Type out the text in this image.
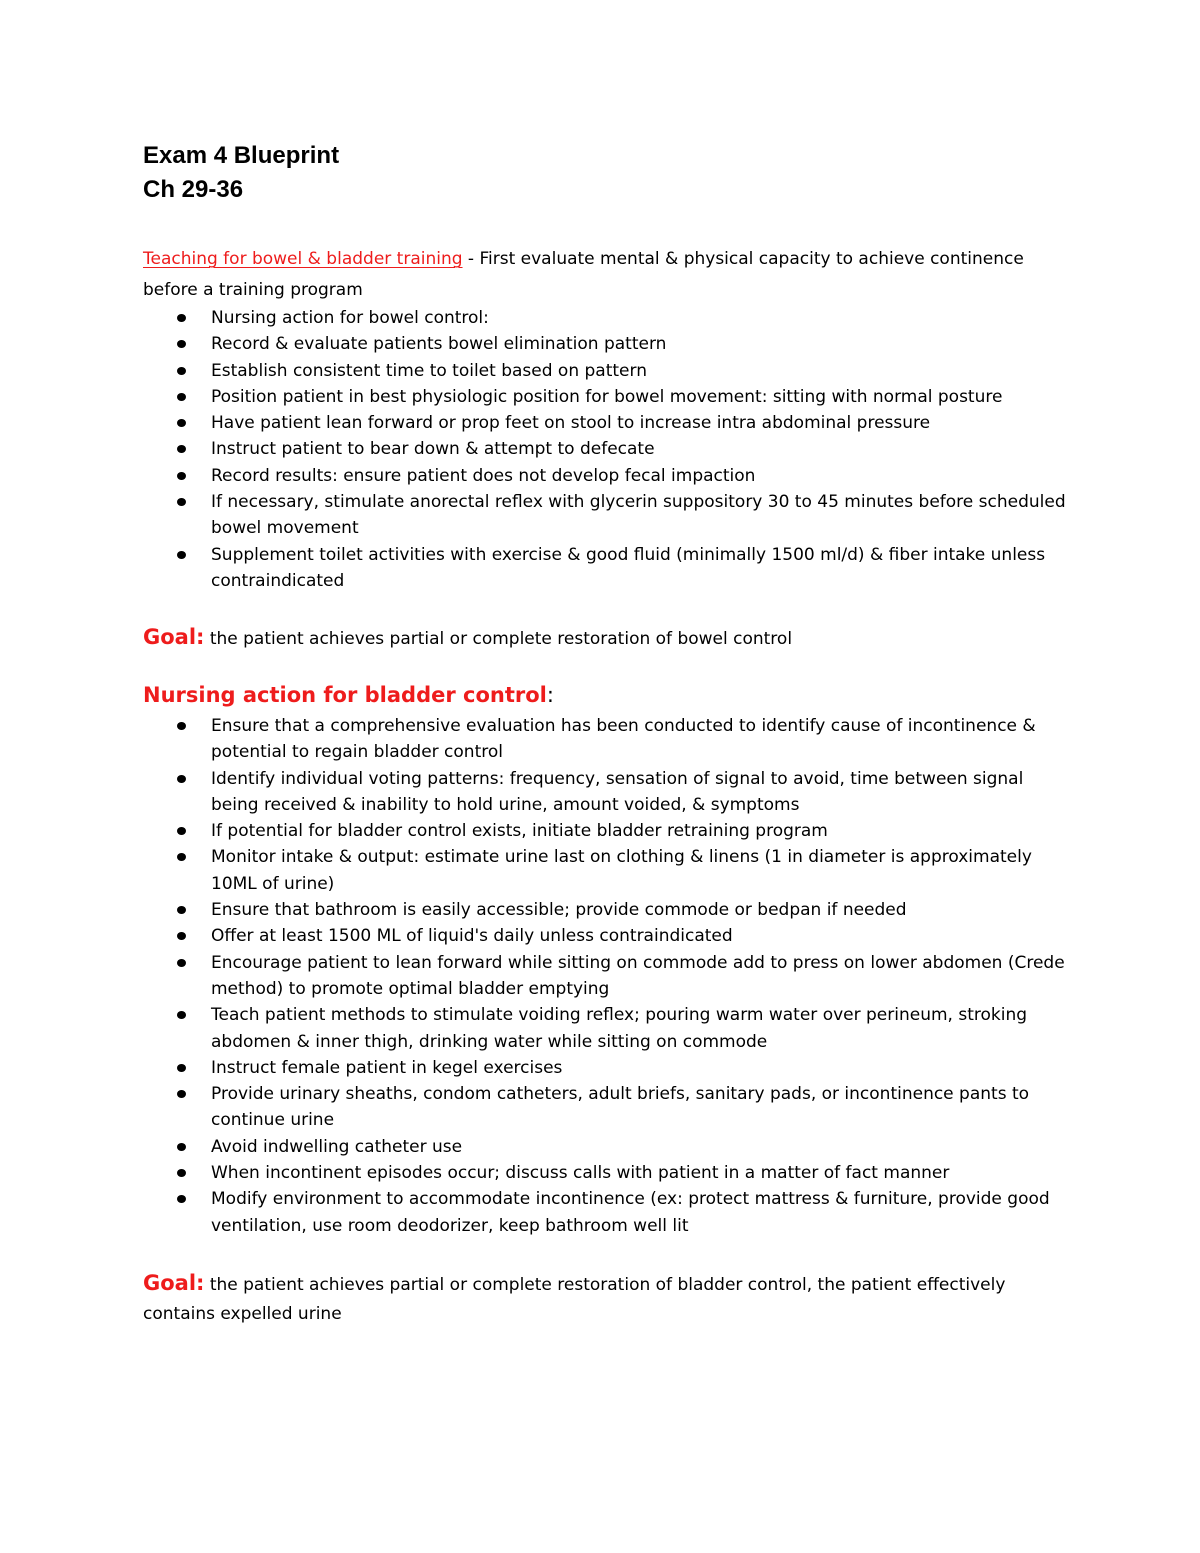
Exam 4 Blueprint
Ch 29-36
Teaching for bowel & bladder training - First evaluate mental & physical capacity to achieve continence before a training program
Nursing action for bowel control:
Record & evaluate patients bowel elimination pattern
Establish consistent time to toilet based on pattern
Position patient in best physiologic position for bowel movement: sitting with normal posture
Have patient lean forward or prop feet on stool to increase intra abdominal pressure
Instruct patient to bear down & attempt to defecate
Record results: ensure patient does not develop fecal impaction
If necessary, stimulate anorectal reflex with glycerin suppository 30 to 45 minutes before scheduled bowel movement
Supplement toilet activities with exercise & good fluid (minimally 1500 ml/d) & fiber intake unless contraindicated
Goal: the patient achieves partial or complete restoration of bowel control
Nursing action for bladder control:
Ensure that a comprehensive evaluation has been conducted to identify cause of incontinence & potential to regain bladder control
Identify individual voting patterns: frequency, sensation of signal to avoid, time between signal being received & inability to hold urine, amount voided, & symptoms
If potential for bladder control exists, initiate bladder retraining program
Monitor intake & output: estimate urine last on clothing & linens (1 in diameter is approximately 10ML of urine)
Ensure that bathroom is easily accessible; provide commode or bedpan if needed
Offer at least 1500 ML of liquid's daily unless contraindicated
Encourage patient to lean forward while sitting on commode add to press on lower abdomen (Crede method) to promote optimal bladder emptying
Teach patient methods to stimulate voiding reflex; pouring warm water over perineum, stroking abdomen & inner thigh, drinking water while sitting on commode
Instruct female patient in kegel exercises
Provide urinary sheaths, condom catheters, adult briefs, sanitary pads, or incontinence pants to continue urine
Avoid indwelling catheter use
When incontinent episodes occur; discuss calls with patient in a matter of fact manner
Modify environment to accommodate incontinence (ex: protect mattress & furniture, provide good ventilation, use room deodorizer, keep bathroom well lit
Goal: the patient achieves partial or complete restoration of bladder control, the patient effectively contains expelled urine
